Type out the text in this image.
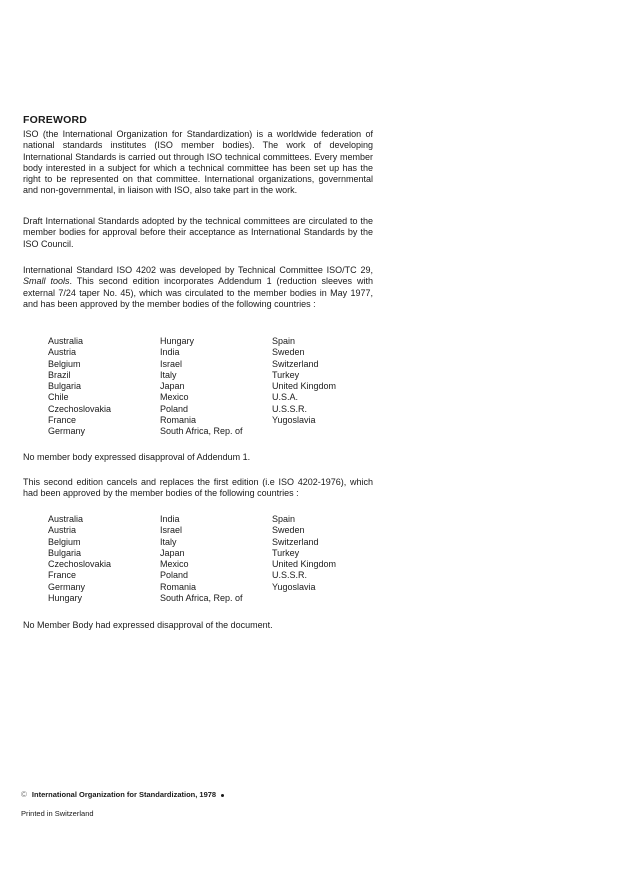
FOREWORD
ISO (the International Organization for Standardization) is a worldwide federation of national standards institutes (ISO member bodies). The work of developing International Standards is carried out through ISO technical committees. Every member body interested in a subject for which a technical committee has been set up has the right to be represented on that committee. International organizations, governmental and non-governmental, in liaison with ISO, also take part in the work.
Draft International Standards adopted by the technical committees are circulated to the member bodies for approval before their acceptance as International Standards by the ISO Council.
International Standard ISO 4202 was developed by Technical Committee ISO/TC 29, Small tools. This second edition incorporates Addendum 1 (reduction sleeves with external 7/24 taper No. 45), which was circulated to the member bodies in May 1977, and has been approved by the member bodies of the following countries :
Australia
Austria
Belgium
Brazil
Bulgaria
Chile
Czechoslovakia
France
Germany
Hungary
India
Israel
Italy
Japan
Mexico
Poland
Romania
South Africa, Rep. of
Spain
Sweden
Switzerland
Turkey
United Kingdom
U.S.A.
U.S.S.R.
Yugoslavia
No member body expressed disapproval of Addendum 1.
This second edition cancels and replaces the first edition (i.e ISO 4202-1976), which had been approved by the member bodies of the following countries :
Australia
Austria
Belgium
Bulgaria
Czechoslovakia
France
Germany
Hungary
India
Israel
Italy
Japan
Mexico
Poland
Romania
South Africa, Rep. of
Spain
Sweden
Switzerland
Turkey
United Kingdom
U.S.S.R.
Yugoslavia
No Member Body had expressed disapproval of the document.
© International Organization for Standardization, 1978
Printed in Switzerland
